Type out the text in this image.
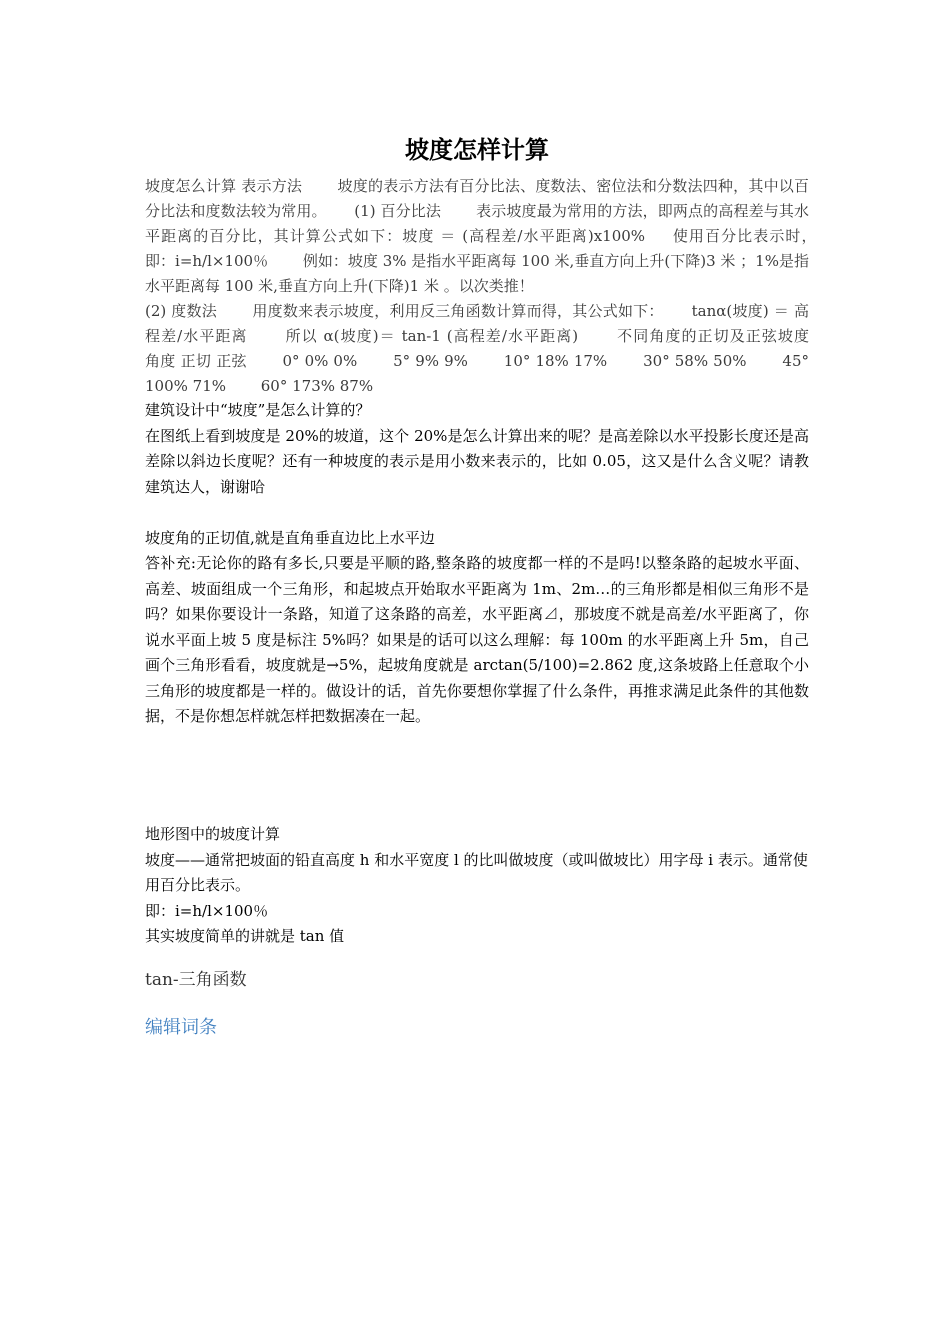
坡度怎样计算

坡度怎么计算 表示方法　　 坡度的表示方法有百分比法、度数法、密位法和分数法四种，其中以百分比法和度数法较为常用。　　 (1) 百分比法　　 表示坡度最为常用的方法，即两点的高程差与其水平距离的百分比，其计算公式如下：坡度 ＝ (高程差/水平距离)x100% 　 使用百分比表示时，　　 即：i=h/l×100％　　 例如：坡度 3% 是指水平距离每 100 米,垂直方向上升(下降)3 米 ；1%是指水平距离每 100 米,垂直方向上升(下降)1 米 。以次类推！
(2) 度数法　　 用度数来表示坡度，利用反三角函数计算而得，其公式如下：　　 tanα(坡度) ＝ 高程差/水平距离　　 所以 α(坡度)＝ tan-1 (高程差/水平距离)　　 不同角度的正切及正弦坡度　　 角度 正切 正弦　　 0° 0% 0%　　 5° 9% 9%　　 10° 18% 17%　　 30° 58% 50%　　 45° 100% 71%　　 60° 173% 87%

建筑设计中“坡度”是怎么计算的？

在图纸上看到坡度是 20%的坡道，这个 20%是怎么计算出来的呢？是高差除以水平投影长度还是高差除以斜边长度呢？还有一种坡度的表示是用小数来表示的，比如 0.05，这又是什么含义呢？请教建筑达人，谢谢哈

坡度角的正切值,就是直角垂直边比上水平边

答补充:无论你的路有多长,只要是平顺的路,整条路的坡度都一样的不是吗!以整条路的起坡水平面、高差、坡面组成一个三角形，和起坡点开始取水平距离为 1m、2m…的三角形都是相似三角形不是吗？如果你要设计一条路，知道了这条路的高差，水平距离⊿，那坡度不就是高差/水平距离了，你说水平面上坡 5 度是标注 5%吗？如果是的话可以这么理解：每 100m 的水平距离上升 5m，自己画个三角形看看，坡度就是→5%，起坡角度就是 arctan(5/100)=2.862 度,这条坡路上任意取个小三角形的坡度都是一样的。做设计的话，首先你要想你掌握了什么条件，再推求满足此条件的其他数据，不是你想怎样就怎样把数据凑在一起。

地形图中的坡度计算

坡度——通常把坡面的铅直高度 h 和水平宽度 l 的比叫做坡度（或叫做坡比）用字母 i 表示。通常使用百分比表示。

即：i=h/l×100％

其实坡度简单的讲就是 tan 值

tan-三角函数

编辑词条
